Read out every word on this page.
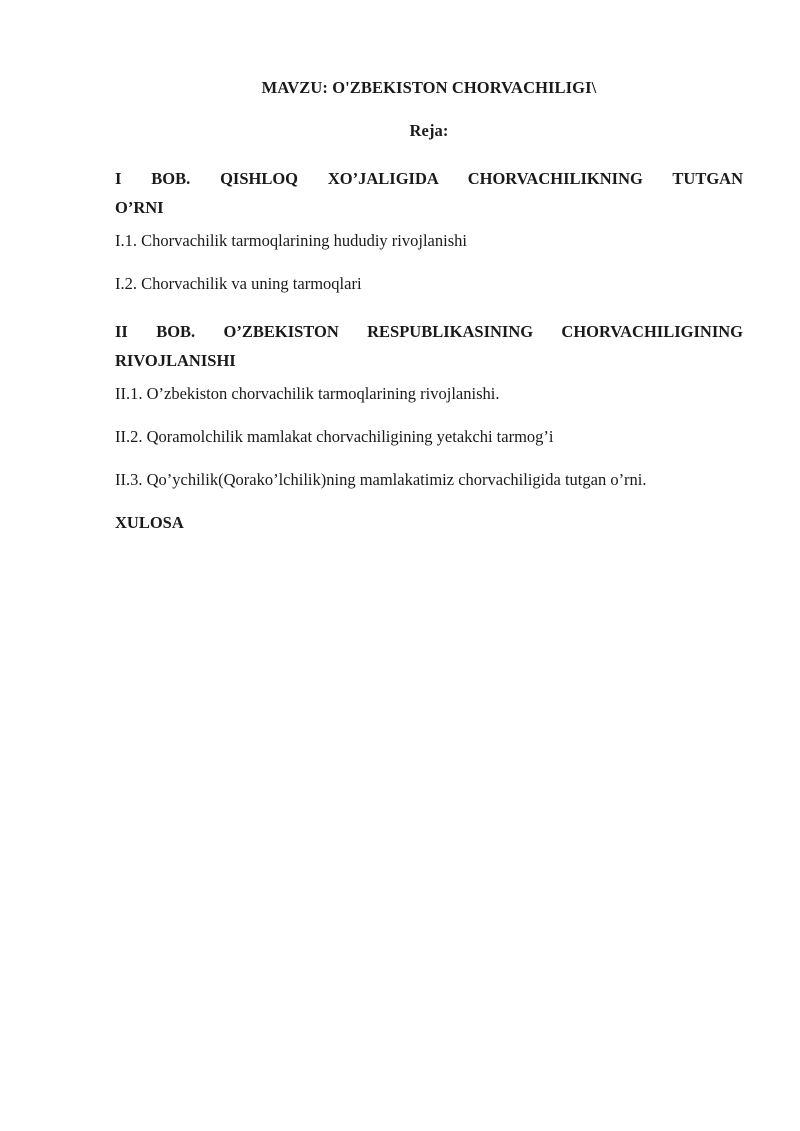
MAVZU: O'ZBEKISTON CHORVACHILIGI\
Reja:
I BOB. QISHLOQ XO’JALIGIDA CHORVACHILIKNING TUTGAN
O’RNI
I.1. Chorvachilik tarmoqlarining hududiy rivojlanishi
I.2. Chorvachilik va uning tarmoqlari
II BOB. O’ZBEKISTON RESPUBLIKASINING CHORVACHILIGINING
RIVOJLANISHI
II.1. O’zbekiston chorvachilik tarmoqlarining rivojlanishi.
II.2. Qoramolchilik mamlakat chorvachiligining yetakchi tarmog’i
II.3. Qo’ychilik(Qorako’lchilik)ning mamlakatimiz chorvachiligida tutgan o’rni.
XULOSA
